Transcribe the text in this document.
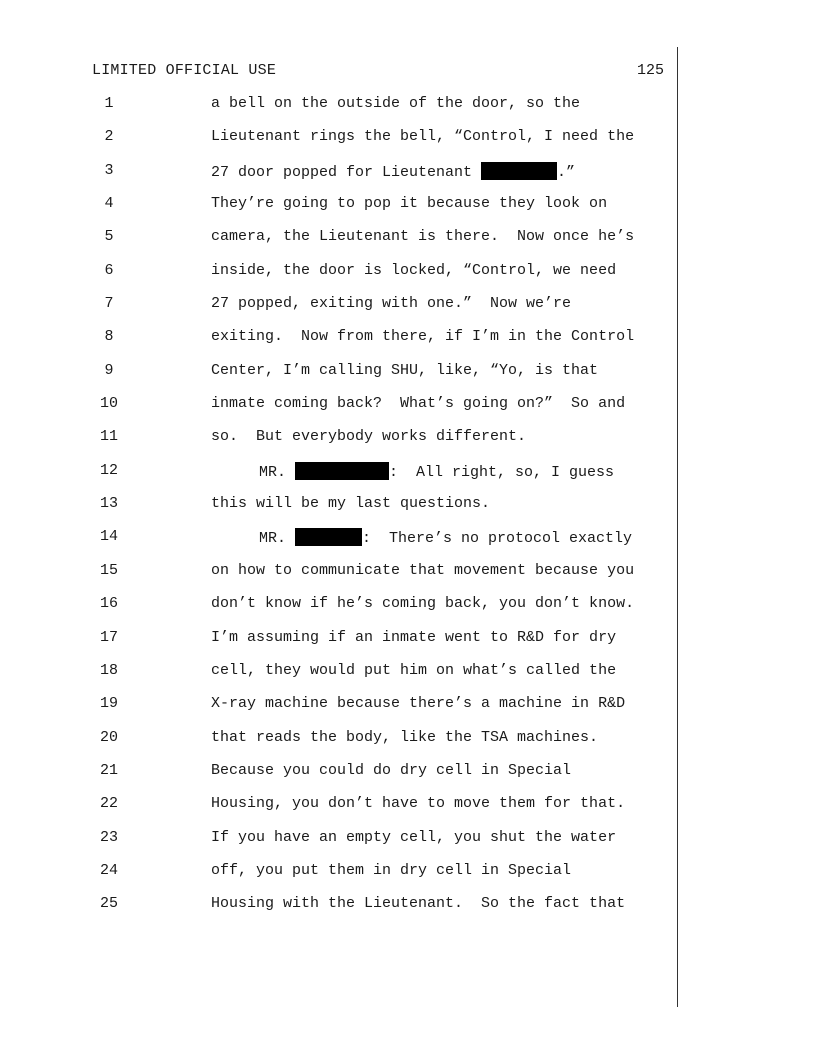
LIMITED OFFICIAL USE	125
1	a bell on the outside of the door, so the
2	Lieutenant rings the bell, “Control, I need the
3	27 door popped for Lieutenant	.”
4	They’re going to pop it because they look on
5	camera, the Lieutenant is there.  Now once he’s
6	inside, the door is locked, “Control, we need
7	27 popped, exiting with one.”  Now we’re
8	exiting.  Now from there, if I’m in the Control
9	Center, I’m calling SHU, like, “Yo, is that
10	inmate coming back?  What’s going on?”  So and
11	so.  But everybody works different.
12	MR.	:  All right, so, I guess
13	this will be my last questions.
14	MR.	:  There’s no protocol exactly
15	on how to communicate that movement because you
16	don’t know if he’s coming back, you don’t know.
17	I’m assuming if an inmate went to R&D for dry
18	cell, they would put him on what’s called the
19	X-ray machine because there’s a machine in R&D
20	that reads the body, like the TSA machines.
21	Because you could do dry cell in Special
22	Housing, you don’t have to move them for that.
23	If you have an empty cell, you shut the water
24	off, you put them in dry cell in Special
25	Housing with the Lieutenant.  So the fact that
